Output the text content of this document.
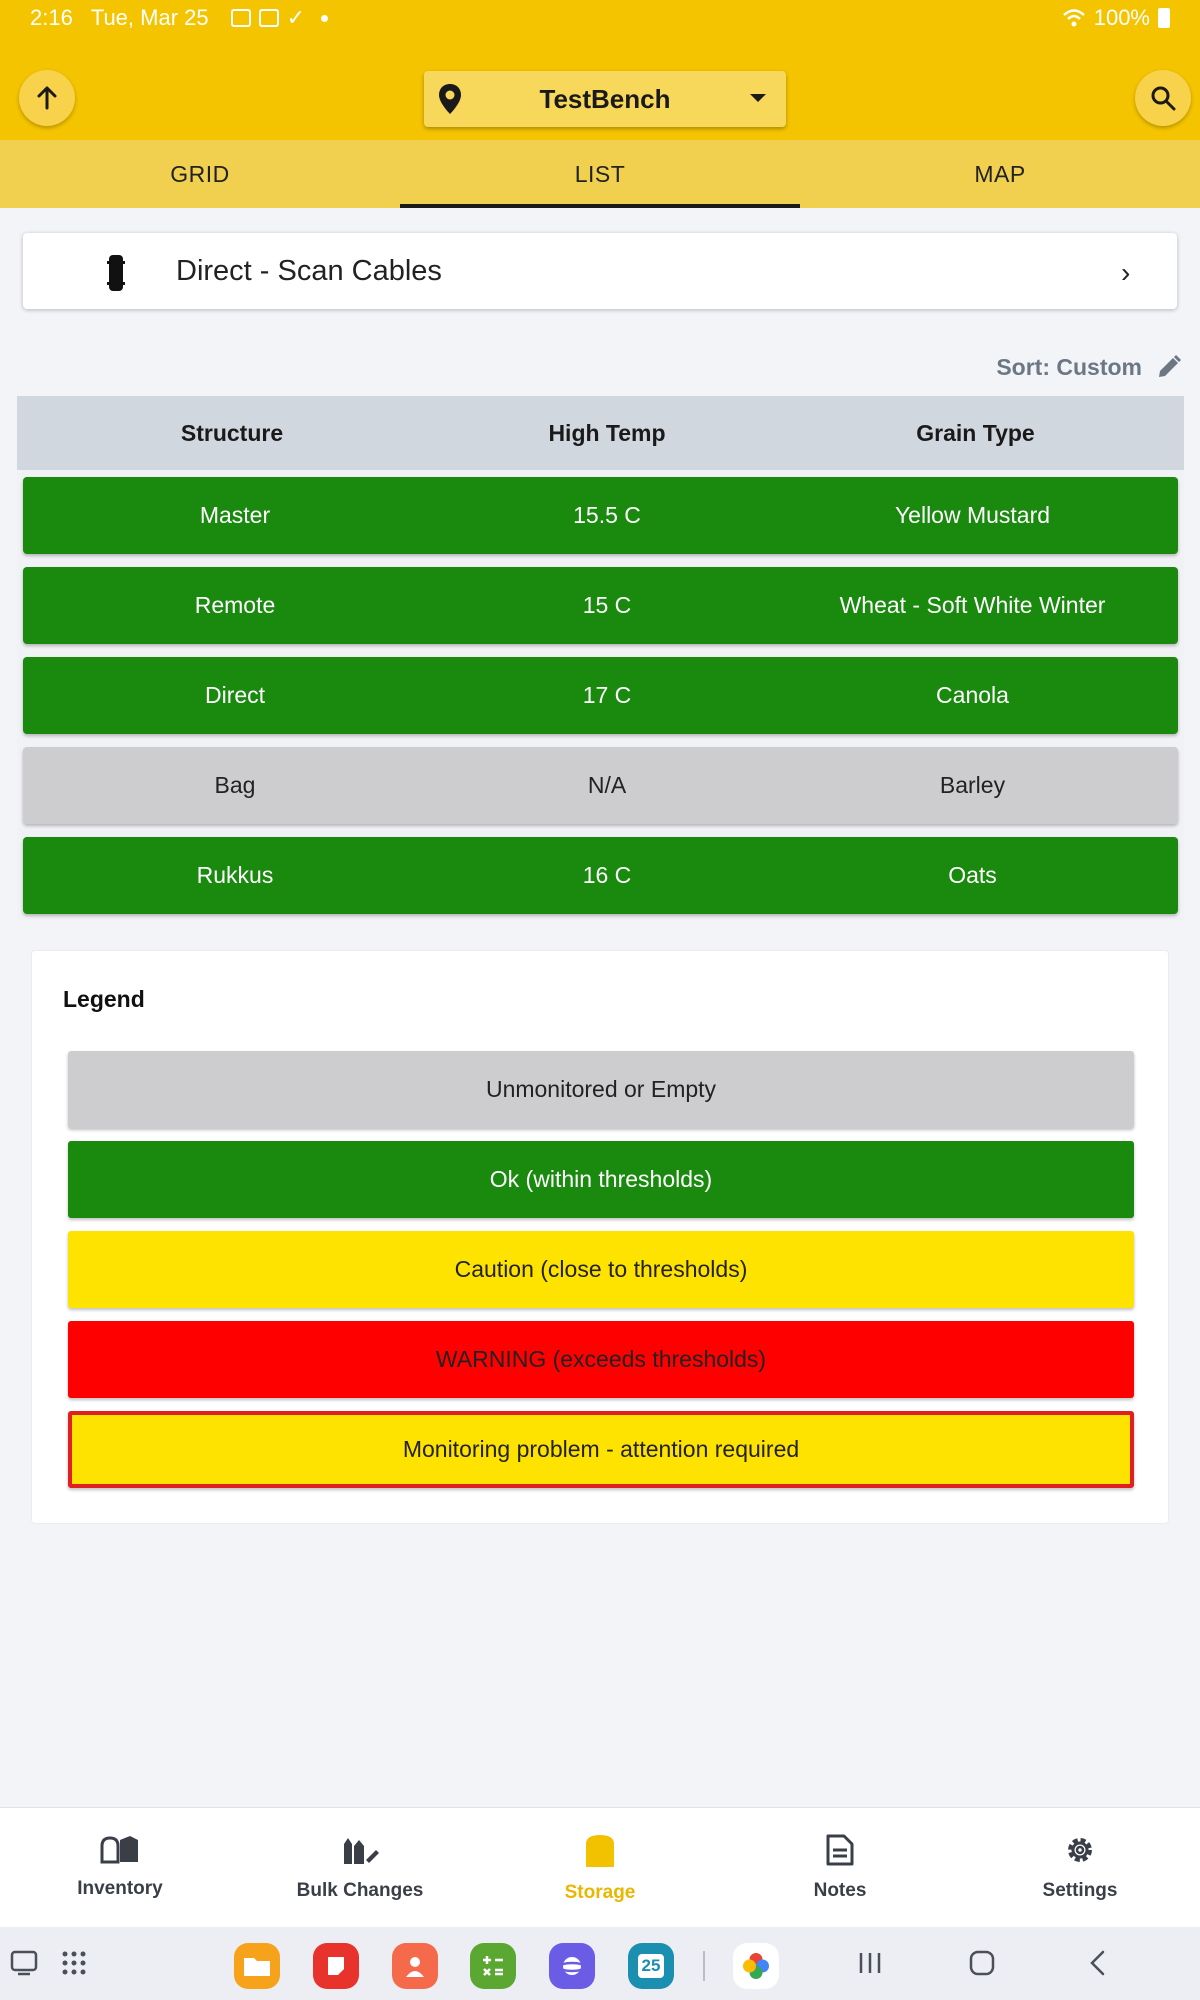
2:16 Tue, Mar 25	✓	100%
TestBench
GRID	LIST	MAP
Direct - Scan Cables	›
Sort: Custom
Structure	High Temp	Grain Type
Master	15.5 C	Yellow Mustard
Remote	15 C	Wheat - Soft White Winter
Direct	17 C	Canola
Bag	N/A	Barley
Rukkus	16 C	Oats
Legend
Unmonitored or Empty
Ok (within thresholds)
Caution (close to thresholds)
WARNING (exceeds thresholds)
Monitoring problem - attention required
Inventory	Bulk Changes	Storage	Notes	Settings
25
